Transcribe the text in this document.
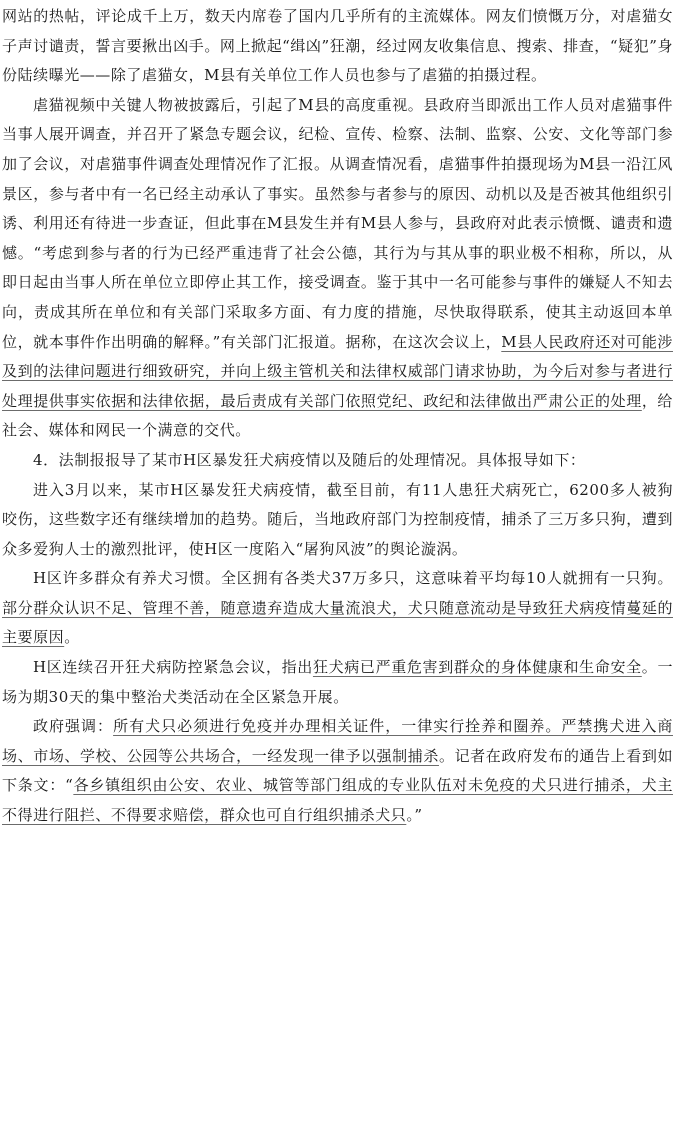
网站的热帖，评论成千上万，数天内席卷了国内几乎所有的主流媒体。网友们愤慨万分，对虐猫女子声讨谴责，誓言要揪出凶手。网上掀起“缉凶”狂潮，经过网友收集信息、搜索、排查，“疑犯”身份陆续曝光——除了虐猫女，M县有关单位工作人员也参与了虐猫的拍摄过程。

虐猫视频中关键人物被披露后，引起了M县的高度重视。县政府当即派出工作人员对虐猫事件当事人展开调查，并召开了紧急专题会议，纪检、宣传、检察、法制、监察、公安、文化等部门参加了会议，对虐猫事件调查处理情况作了汇报。从调查情况看，虐猫事件拍摄现场为M县一沿江风景区，参与者中有一名已经主动承认了事实。虽然参与者参与的原因、动机以及是否被其他组织引诱、利用还有待进一步查证，但此事在M县发生并有M县人参与，县政府对此表示愤慨、谴责和遗憾。“考虑到参与者的行为已经严重违背了社会公德，其行为与其从事的职业极不相称，所以，从即日起由当事人所在单位立即停止其工作，接受调查。鉴于其中一名可能参与事件的嫌疑人不知去向，责成其所在单位和有关部门采取多方面、有力度的措施，尽快取得联系，使其主动返回本单位，就本事件作出明确的解释。”有关部门汇报道。据称，在这次会议上，M县人民政府还对可能涉及到的法律问题进行细致研究，并向上级主管机关和法律权威部门请求协助，为今后对参与者进行处理提供事实依据和法律依据，最后责成有关部门依照党纪、政纪和法律做出严肃公正的处理，给社会、媒体和网民一个满意的交代。

4．法制报报导了某市H区暴发狂犬病疫情以及随后的处理情况。具体报导如下：

进入3月以来，某市H区暴发狂犬病疫情，截至目前，有11人患狂犬病死亡，6200多人被狗咬伤，这些数字还有继续增加的趋势。随后，当地政府部门为控制疫情，捕杀了三万多只狗，遭到众多爱狗人士的激烈批评，使H区一度陷入“屠狗风波”的舆论漩涡。

H区许多群众有养犬习惯。全区拥有各类犬37万多只，这意味着平均每10人就拥有一只狗。部分群众认识不足、管理不善，随意遗弃造成大量流浪犬，犬只随意流动是导致狂犬病疫情蔓延的主要原因。

H区连续召开狂犬病防控紧急会议，指出狂犬病已严重危害到群众的身体健康和生命安全。一场为期30天的集中整治犬类活动在全区紧急开展。

政府强调：所有犬只必须进行免疫并办理相关证件，一律实行拴养和圈养。严禁携犬进入商场、市场、学校、公园等公共场合，一经发现一律予以强制捕杀。记者在政府发布的通告上看到如下条文：“各乡镇组织由公安、农业、城管等部门组成的专业队伍对未免疫的犬只进行捕杀，犬主不得进行阻拦、不得要求赔偿，群众也可自行组织捕杀犬只。”
